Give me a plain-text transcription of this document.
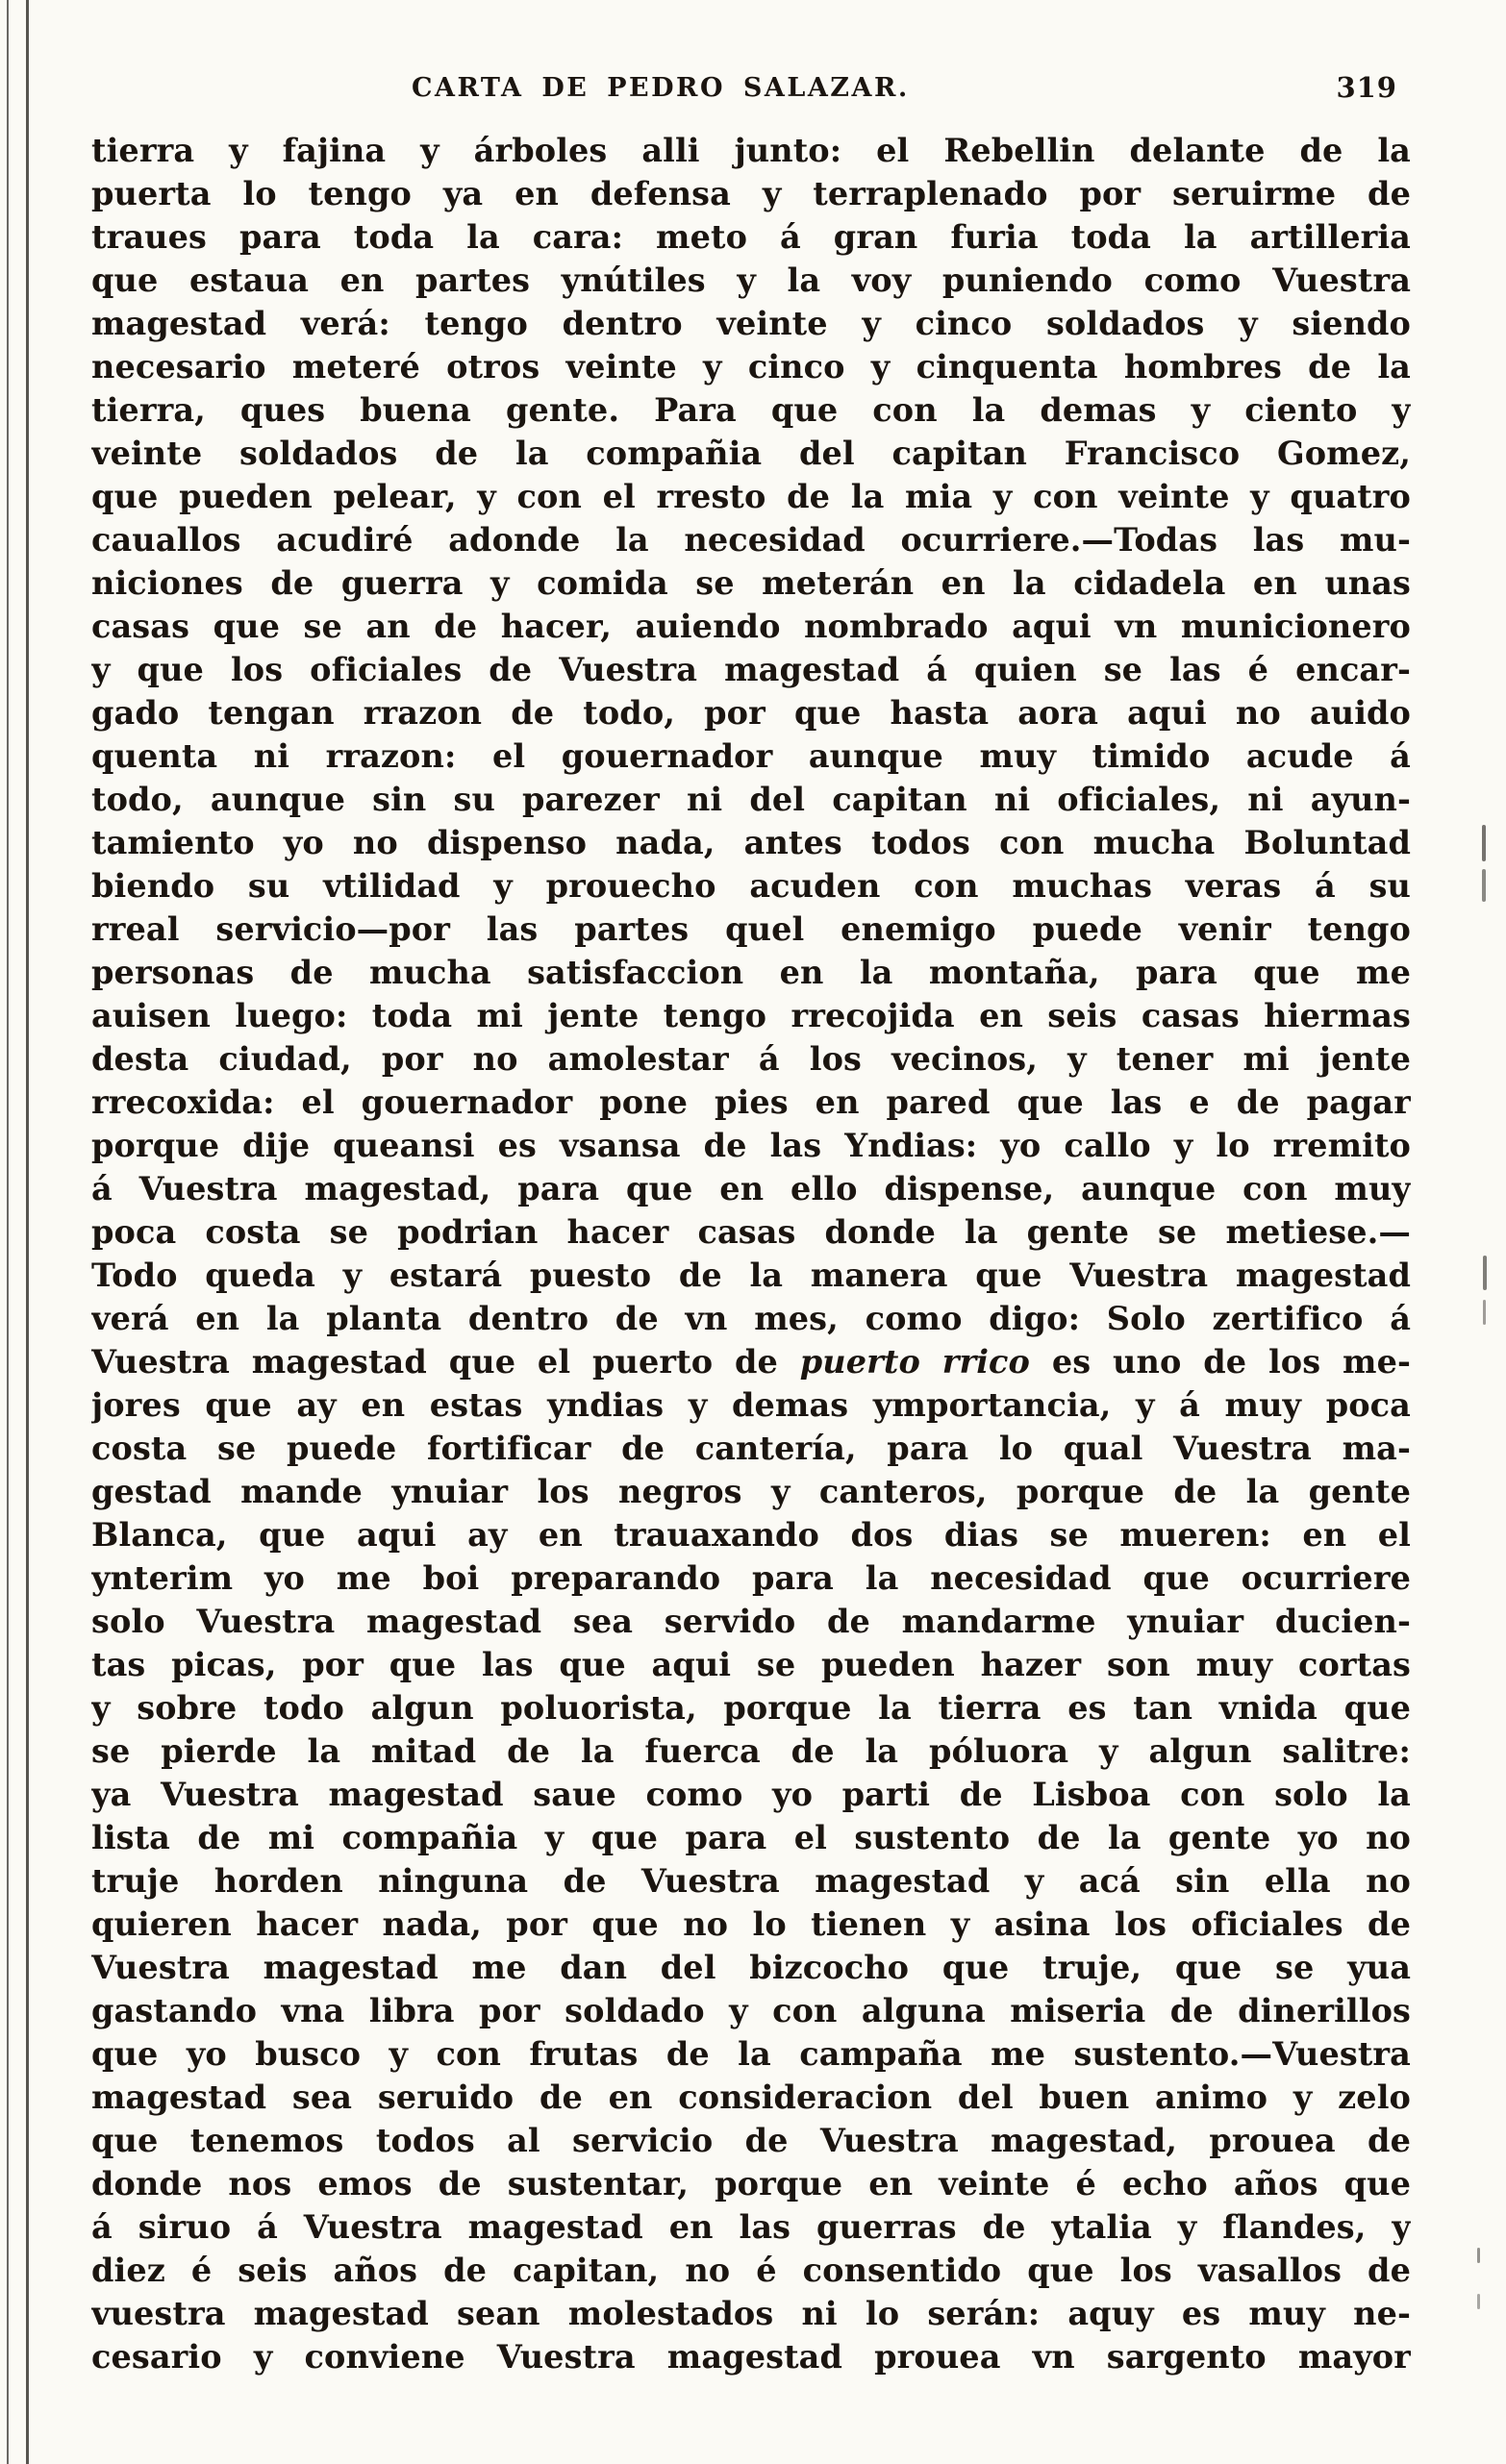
CARTA DE PEDRO SALAZAR.	319
tierra y fajina y árboles alli junto: el Rebellin delante de la
puerta lo tengo ya en defensa y terraplenado por seruirme de
traues para toda la cara: meto á gran furia toda la artilleria
que estaua en partes ynútiles y la voy puniendo como Vuestra
magestad verá: tengo dentro veinte y cinco soldados y siendo
necesario meteré otros veinte y cinco y cinquenta hombres de la
tierra, ques buena gente. Para que con la demas y ciento y
veinte soldados de la compañia del capitan Francisco Gomez,
que pueden pelear, y con el rresto de la mia y con veinte y quatro
cauallos acudiré adonde la necesidad ocurriere.—Todas las mu-
niciones de guerra y comida se meterán en la cidadela en unas
casas que se an de hacer, auiendo nombrado aqui vn municionero
y que los oficiales de Vuestra magestad á quien se las é encar-
gado tengan rrazon de todo, por que hasta aora aqui no auido
quenta ni rrazon: el gouernador aunque muy timido acude á
todo, aunque sin su parezer ni del capitan ni oficiales, ni ayun-
tamiento yo no dispenso nada, antes todos con mucha Boluntad
biendo su vtilidad y prouecho acuden con muchas veras á su
rreal servicio—por las partes quel enemigo puede venir tengo
personas de mucha satisfaccion en la montaña, para que me
auisen luego: toda mi jente tengo rrecojida en seis casas hiermas
desta ciudad, por no amolestar á los vecinos, y tener mi jente
rrecoxida: el gouernador pone pies en pared que las e de pagar
porque dije queansi es vsansa de las Yndias: yo callo y lo rremito
á Vuestra magestad, para que en ello dispense, aunque con muy
poca costa se podrian hacer casas donde la gente se metiese.—
Todo queda y estará puesto de la manera que Vuestra magestad
verá en la planta dentro de vn mes, como digo: Solo zertifico á
Vuestra magestad que el puerto de puerto rrico es uno de los me-
jores que ay en estas yndias y demas ymportancia, y á muy poca
costa se puede fortificar de cantería, para lo qual Vuestra ma-
gestad mande ynuiar los negros y canteros, porque de la gente
Blanca, que aqui ay en trauaxando dos dias se mueren: en el
ynterim yo me boi preparando para la necesidad que ocurriere
solo Vuestra magestad sea servido de mandarme ynuiar ducien-
tas picas, por que las que aqui se pueden hazer son muy cortas
y sobre todo algun poluorista, porque la tierra es tan vnida que
se pierde la mitad de la fuerca de la póluora y algun salitre:
ya Vuestra magestad saue como yo parti de Lisboa con solo la
lista de mi compañia y que para el sustento de la gente yo no
truje horden ninguna de Vuestra magestad y acá sin ella no
quieren hacer nada, por que no lo tienen y asina los oficiales de
Vuestra magestad me dan del bizcocho que truje, que se yua
gastando vna libra por soldado y con alguna miseria de dinerillos
que yo busco y con frutas de la campaña me sustento.—Vuestra
magestad sea seruido de en consideracion del buen animo y zelo
que tenemos todos al servicio de Vuestra magestad, prouea de
donde nos emos de sustentar, porque en veinte é echo años que
á siruo á Vuestra magestad en las guerras de ytalia y flandes, y
diez é seis años de capitan, no é consentido que los vasallos de
vuestra magestad sean molestados ni lo serán: aquy es muy ne-
cesario y conviene Vuestra magestad prouea vn sargento mayor
